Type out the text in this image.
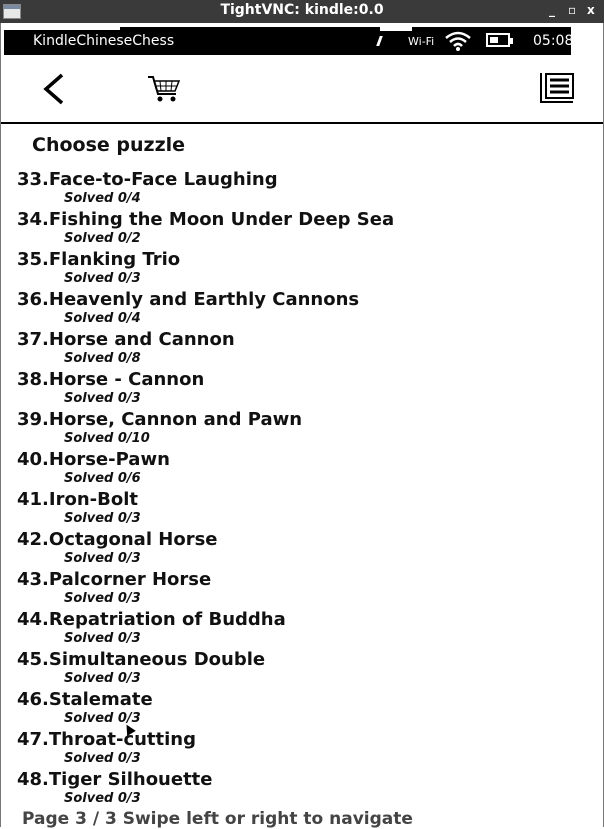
TightVNC: kindle:0.0	_ ▫ x
KindleChineseChess	Wi-Fi	05:08
Choose puzzle
33.Face-to-Face Laughing
Solved 0/4
34.Fishing the Moon Under Deep Sea
Solved 0/2
35.Flanking Trio
Solved 0/3
36.Heavenly and Earthly Cannons
Solved 0/4
37.Horse and Cannon
Solved 0/8
38.Horse - Cannon
Solved 0/3
39.Horse, Cannon and Pawn
Solved 0/10
40.Horse-Pawn
Solved 0/6
41.Iron-Bolt
Solved 0/3
42.Octagonal Horse
Solved 0/3
43.Palcorner Horse
Solved 0/3
44.Repatriation of Buddha
Solved 0/3
45.Simultaneous Double
Solved 0/3
46.Stalemate
Solved 0/3
47.Throat-cutting
Solved 0/3
48.Tiger Silhouette
Solved 0/3
Page 3 / 3 Swipe left or right to navigate
